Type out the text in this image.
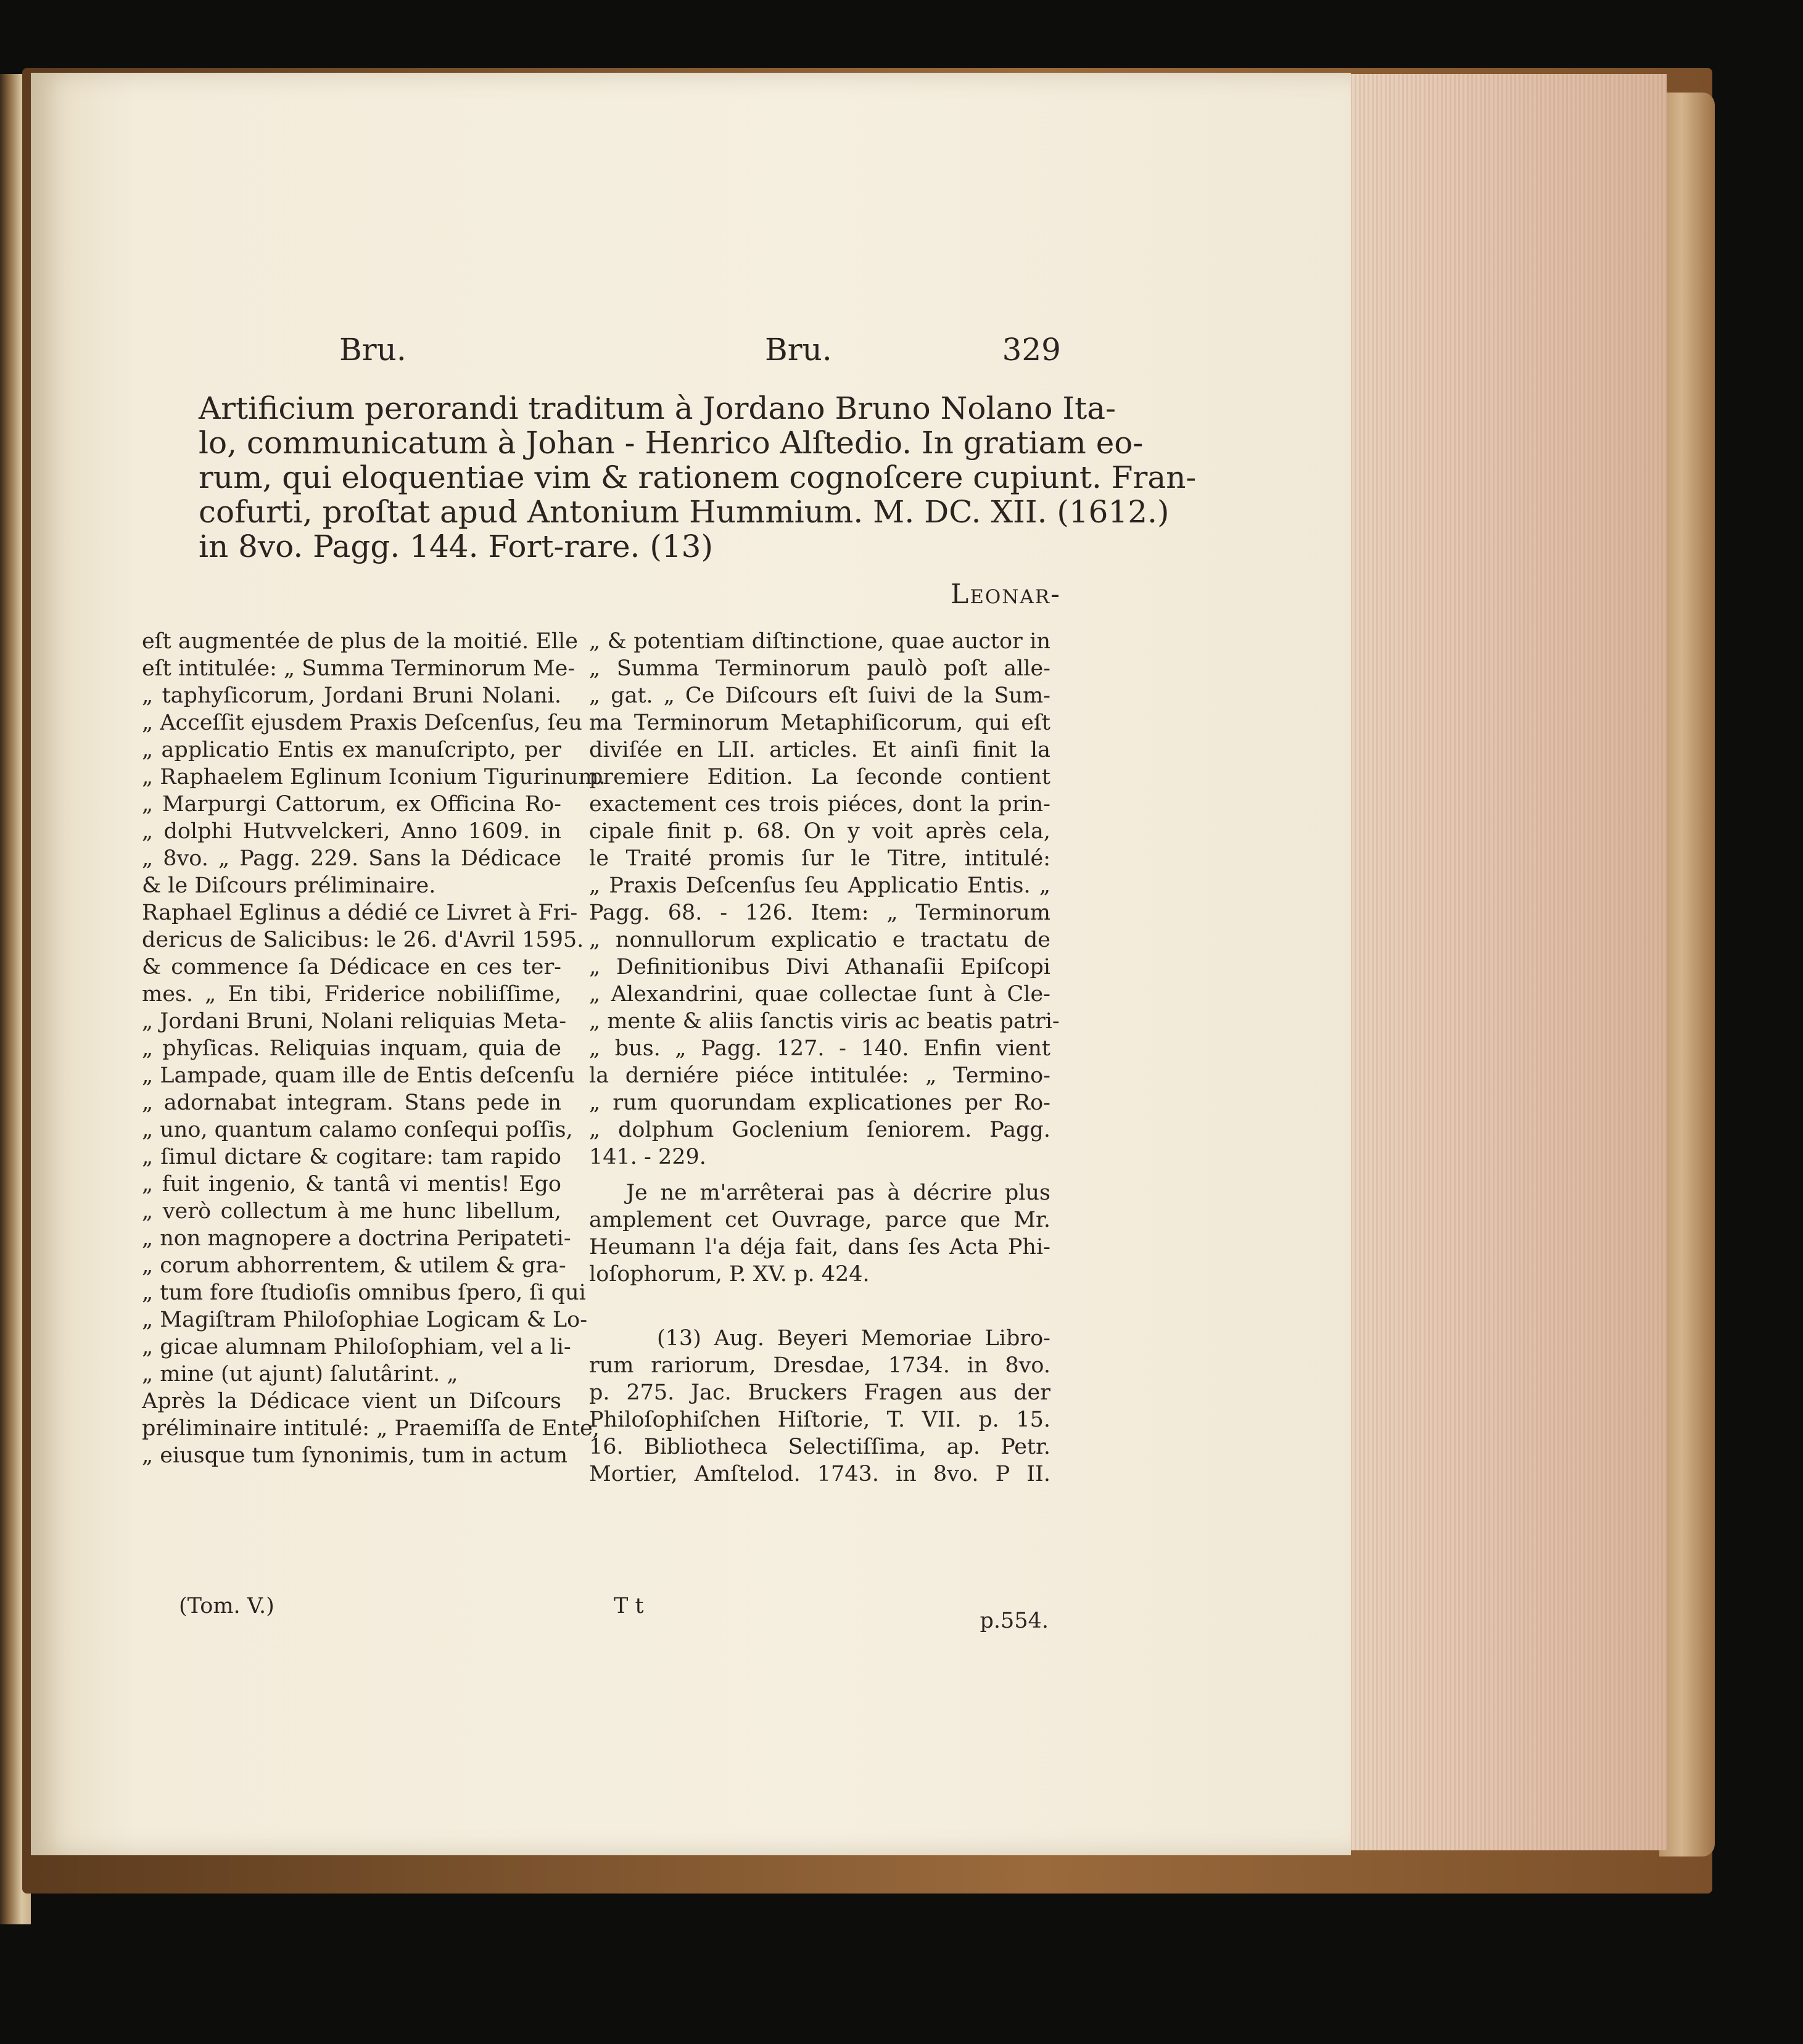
Bru.	Bru.	329
Artificium perorandi traditum à Jordano Bruno Nolano Ita-
lo, communicatum à Johan - Henrico Alſtedio. In gratiam eo-
rum, qui eloquentiae vim & rationem cognoſcere cupiunt. Fran-
cofurti, proſtat apud Antonium Hummium. M. DC. XII. (1612.)
in 8vo. Pagg. 144. Fort-rare. (13)
Leonar-
eſt augmentée de plus de la moitié. Elle
eſt intitulée: „ Summa Terminorum Me-
„ taphyſicorum, Jordani Bruni Nolani.
„ Acceſſit ejusdem Praxis Deſcenſus, ſeu
„ applicatio Entis ex manuſcripto, per
„ Raphaelem Eglinum Iconium Tigurinum.
„ Marpurgi Cattorum, ex Officina Ro-
„ dolphi Hutvvelckeri, Anno 1609. in
„ 8vo. „ Pagg. 229. Sans la Dédicace
& le Diſcours préliminaire.
Raphael Eglinus a dédié ce Livret à Fri-
dericus de Salicibus: le 26. d'Avril 1595.
& commence ſa Dédicace en ces ter-
mes. „ En tibi, Friderice nobiliſſime,
„ Jordani Bruni, Nolani reliquias Meta-
„ phyſicas. Reliquias inquam, quia de
„ Lampade, quam ille de Entis deſcenſu
„ adornabat integram. Stans pede in
„ uno, quantum calamo conſequi poſſis,
„ ſimul dictare & cogitare: tam rapido
„ fuit ingenio, & tantâ vi mentis! Ego
„ verò collectum à me hunc libellum,
„ non magnopere a doctrina Peripateti-
„ corum abhorrentem, & utilem & gra-
„ tum fore ſtudioſis omnibus ſpero, ſi qui
„ Magiſtram Philoſophiae Logicam & Lo-
„ gicae alumnam Philoſophiam, vel a li-
„ mine (ut ajunt) ſalutârint. „
Après la Dédicace vient un Diſcours
préliminaire intitulé: „ Praemiſſa de Ente,
„ eiusque tum ſynonimis, tum in actum
(Tom. V.)
„ & potentiam diſtinctione, quae auctor in
„ Summa Terminorum paulò poſt alle-
„ gat. „ Ce Diſcours eſt ſuivi de la Sum-
ma Terminorum Metaphiſicorum, qui eſt
diviſée en LII. articles. Et ainſi finit la
premiere Edition. La ſeconde contient
exactement ces trois piéces, dont la prin-
cipale finit p. 68. On y voit après cela,
le Traité promis ſur le Titre, intitulé:
„ Praxis Deſcenſus ſeu Applicatio Entis. „
Pagg. 68. - 126. Item: „ Terminorum
„ nonnullorum explicatio e tractatu de
„ Definitionibus Divi Athanaſii Epiſcopi
„ Alexandrini, quae collectae ſunt à Cle-
„ mente & aliis ſanctis viris ac beatis patri-
„ bus. „ Pagg. 127. - 140. Enfin vient
la derniére piéce intitulée: „ Termino-
„ rum quorundam explicationes per Ro-
„ dolphum Goclenium ſeniorem. Pagg.
141. - 229.
Je ne m'arrêterai pas à décrire plus
amplement cet Ouvrage, parce que Mr.
Heumann l'a déja fait, dans ſes Acta Phi-
loſophorum, P. XV. p. 424.
(13) Aug. Beyeri Memoriae Libro-
rum rariorum, Dresdae, 1734. in 8vo.
p. 275. Jac. Bruckers Fragen aus der
Philoſophiſchen Hiſtorie, T. VII. p. 15.
16. Bibliotheca Selectiſſima, ap. Petr.
Mortier, Amſtelod. 1743. in 8vo. P II.
T t
p.554.
